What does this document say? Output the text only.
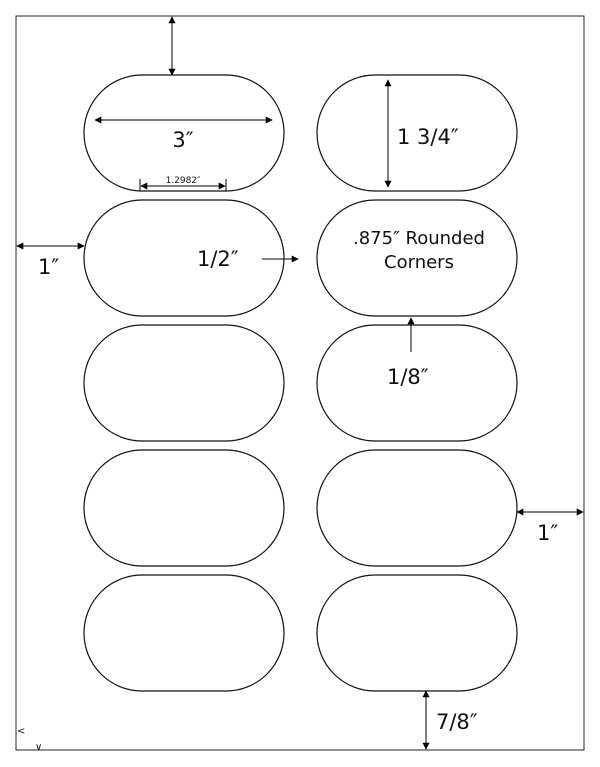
3″
1.2982″
1 3/4″
1″	1/2″
.875″ Rounded
Corners
1/8″
1″
7/8″
<
∨
